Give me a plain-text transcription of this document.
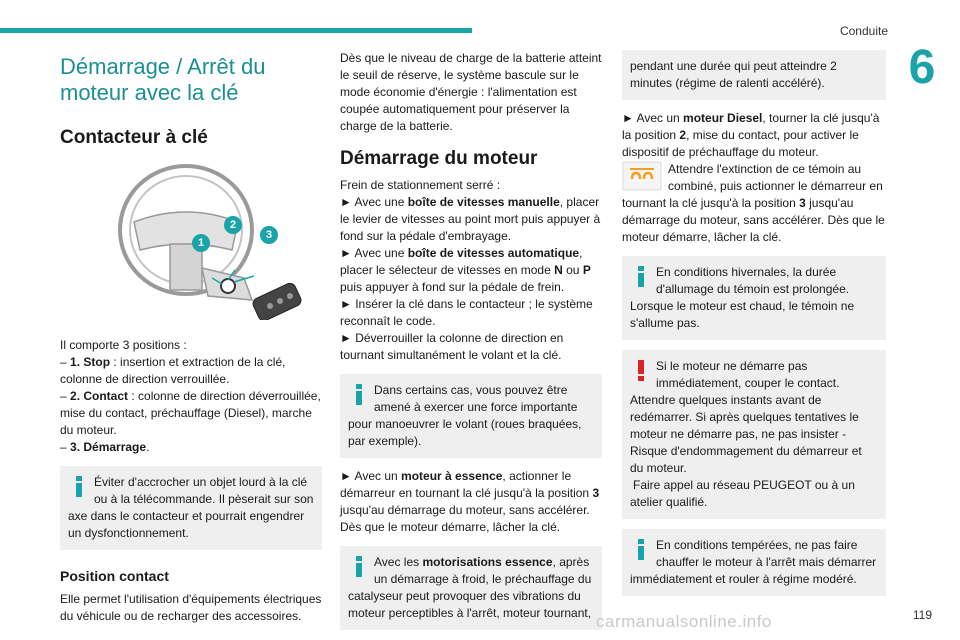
Conduite
6
Démarrage / Arrêt du moteur avec la clé
Contacteur à clé
1
2
3

Il comporte 3 positions :

– 1. Stop : insertion et extraction de la clé, colonne de direction verrouillée.

– 2. Contact : colonne de direction déverrouillée, mise du contact, préchauffage (Diesel), marche du moteur.

– 3. Démarrage.

Éviter d'accrocher un objet lourd à la clé ou à la télécommande. Il pèserait sur son axe dans le contacteur et pourrait engendrer un dysfonctionnement.
Position contact

Elle permet l'utilisation d'équipements électriques du véhicule ou de recharger des accessoires.

Dès que le niveau de charge de la batterie atteint le seuil de réserve, le système bascule sur le mode économie d'énergie : l'alimentation est coupée automatiquement pour préserver la charge de la batterie.

Démarrage du moteur

Frein de stationnement serré :

► Avec une boîte de vitesses manuelle, placer le levier de vitesses au point mort puis appuyer à fond sur la pédale d'embrayage.

► Avec une boîte de vitesses automatique, placer le sélecteur de vitesses en mode N ou P puis appuyer à fond sur la pédale de frein.

► Insérer la clé dans le contacteur ; le système reconnaît le code.

► Déverrouiller la colonne de direction en tournant simultanément le volant et la clé.

Dans certains cas, vous pouvez être amené à exercer une force importante pour manoeuvrer le volant (roues braquées, par exemple).

► Avec un moteur à essence, actionner le démarreur en tournant la clé jusqu'à la position 3 jusqu'au démarrage du moteur, sans accélérer. Dès que le moteur démarre, lâcher la clé.

Avec les motorisations essence, après un démarrage à froid, le préchauffage du catalyseur peut provoquer des vibrations du moteur perceptibles à l'arrêt, moteur tournant,
pendant une durée qui peut atteindre 2 minutes (régime de ralenti accéléré).

► Avec un moteur Diesel, tourner la clé jusqu'à la position 2, mise du contact, pour activer le dispositif de préchauffage du moteur.

Attendre l'extinction de ce témoin au combiné, puis actionner le démarreur en tournant la clé jusqu'à la position 3 jusqu'au démarrage du moteur, sans accélérer. Dès que le moteur démarre, lâcher la clé.

En conditions hivernales, la durée d'allumage du témoin est prolongée. Lorsque le moteur est chaud, le témoin ne s'allume pas.
Si le moteur ne démarre pas immédiatement, couper le contact. Attendre quelques instants avant de redémarrer. Si après quelques tentatives le moteur ne démarre pas, ne pas insister - Risque d'endommagement du démarreur et du moteur.
Faire appel au réseau PEUGEOT ou à un atelier qualifié.
En conditions tempérées, ne pas faire chauffer le moteur à l'arrêt mais démarrer immédiatement et rouler à régime modéré.
carmanualsonline.info	119
